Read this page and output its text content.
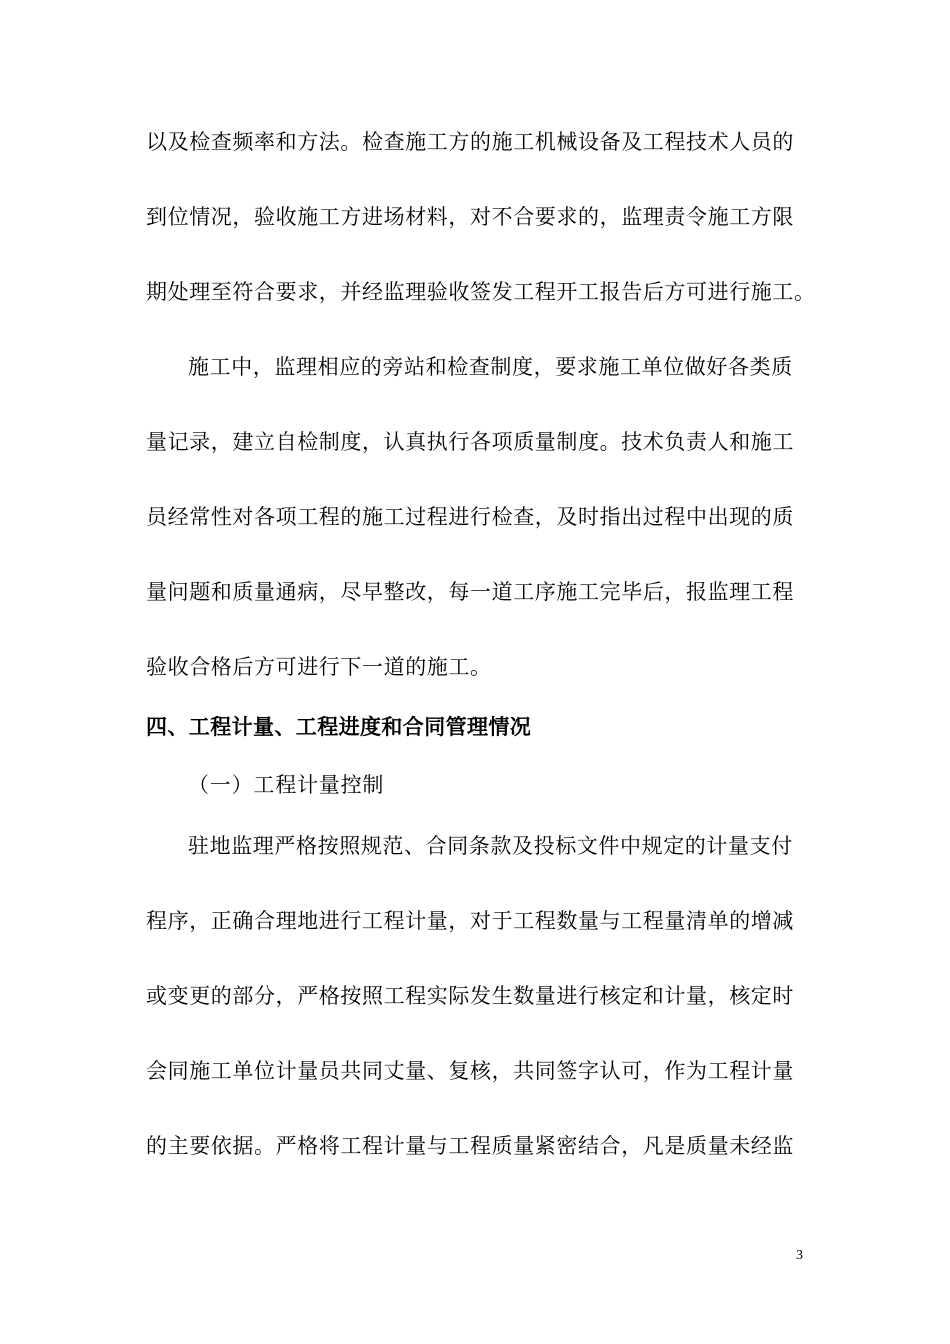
以及检查频率和方法。检查施工方的施工机械设备及工程技术人员的
到位情况，验收施工方进场材料，对不合要求的，监理责令施工方限
期处理至符合要求，并经监理验收签发工程开工报告后方可进行施工。
施工中，监理相应的旁站和检查制度，要求施工单位做好各类质
量记录，建立自检制度，认真执行各项质量制度。技术负责人和施工
员经常性对各项工程的施工过程进行检查，及时指出过程中出现的质
量问题和质量通病，尽早整改，每一道工序施工完毕后，报监理工程
验收合格后方可进行下一道的施工。
四、工程计量、工程进度和合同管理情况
（一）工程计量控制
驻地监理严格按照规范、合同条款及投标文件中规定的计量支付
程序，正确合理地进行工程计量，对于工程数量与工程量清单的增减
或变更的部分，严格按照工程实际发生数量进行核定和计量，核定时
会同施工单位计量员共同丈量、复核，共同签字认可，作为工程计量
的主要依据。严格将工程计量与工程质量紧密结合，凡是质量未经监
3
